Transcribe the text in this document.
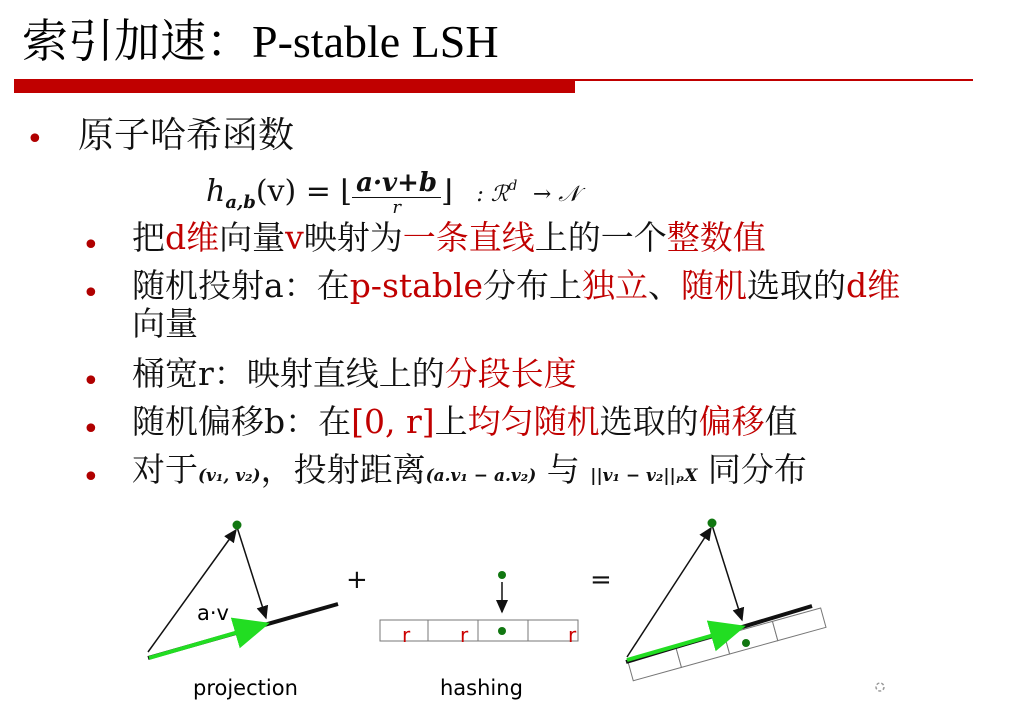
索引加速：P-stable LSH
• 原子哈希函数
$h_{a,b}(v)$ = ⌊ $\frac{a\cdot v+b}{r}$ ⌋ : ℛ$^d$ → 𝒩
• 把d维向量v映射为一条直线上的一个整数值
• 随机投射a：在p-stable分布上独立、随机选取的d维
向量
• 桶宽r：映射直线上的分段长度
• 随机偏移b：在[0, r]上均匀随机选取的偏移值
• 对于(v₁, v₂)，投射距离(a.v₁ − a.v₂) 与 ||v₁ − v₂||ₚX 同分布
a·v
projection
+
r r	r
hashing
=
